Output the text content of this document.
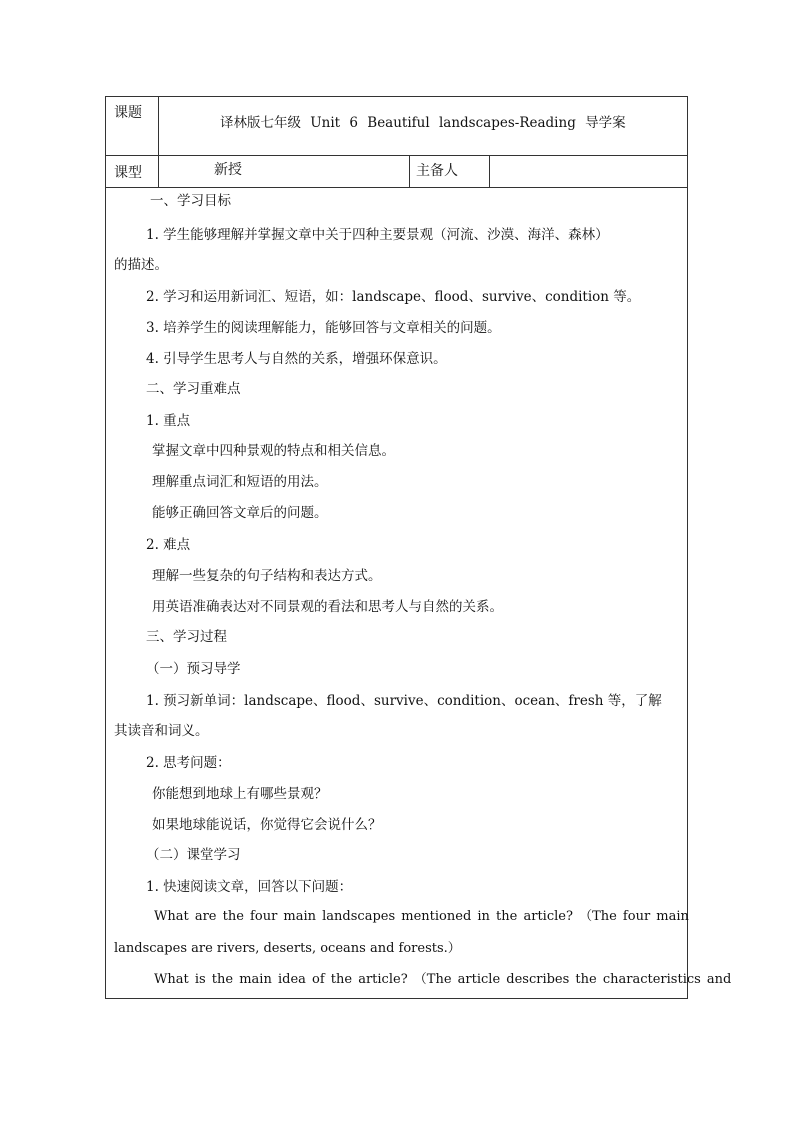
课题
译林版七年级 Unit 6 Beautiful landscapes-Reading 导学案
课型	新授	主备人
一、学习目标
1. 学生能够理解并掌握文章中关于四种主要景观（河流、沙漠、海洋、森林）
的描述。
2. 学习和运用新词汇、短语，如：landscape、flood、survive、condition 等。
3. 培养学生的阅读理解能力，能够回答与文章相关的问题。
4. 引导学生思考人与自然的关系，增强环保意识。
二、学习重难点
1. 重点
掌握文章中四种景观的特点和相关信息。
理解重点词汇和短语的用法。
能够正确回答文章后的问题。
2. 难点
理解一些复杂的句子结构和表达方式。
用英语准确表达对不同景观的看法和思考人与自然的关系。
三、学习过程
（一）预习导学
1. 预习新单词：landscape、flood、survive、condition、ocean、fresh 等，了解
其读音和词义。
2. 思考问题：
你能想到地球上有哪些景观？
如果地球能说话，你觉得它会说什么？
（二）课堂学习
1. 快速阅读文章，回答以下问题：
What are the four main landscapes mentioned in the article? （The four main
landscapes are rivers, deserts, oceans and forests.）
What is the main idea of the article? （The article describes the characteristics and
